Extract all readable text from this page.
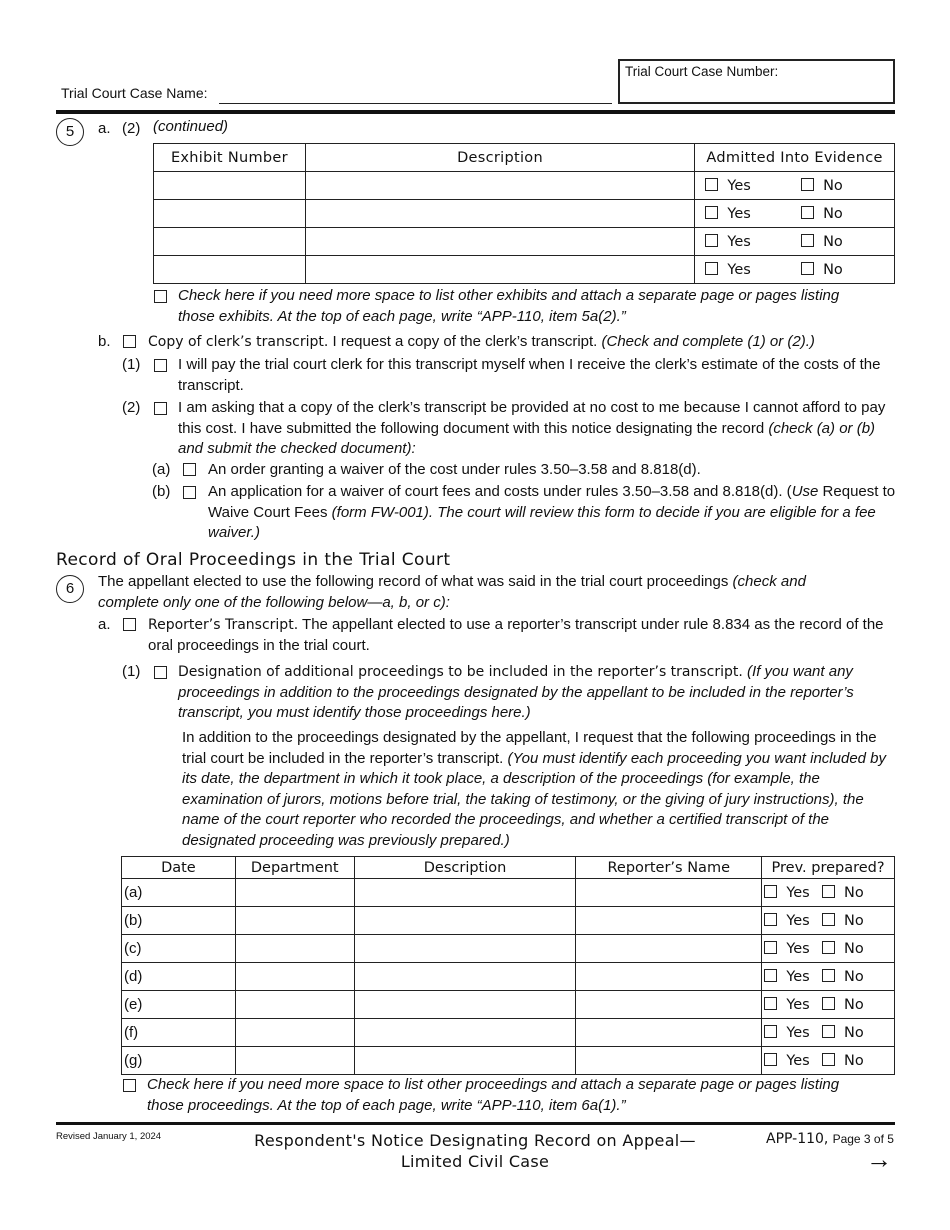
Trial Court Case Name:
Trial Court Case Number:
5	a. (2) (continued)
Exhibit Number	Description	Admitted Into Evidence
		Yes No
		Yes No
		Yes No
		Yes No
Check here if you need more space to list other exhibits and attach a separate page or pages listing those exhibits. At the top of each page, write “APP-110, item 5a(2).”
b.	Copy of clerk’s transcript. I request a copy of the clerk’s transcript. (Check and complete (1) or (2).)
(1)	I will pay the trial court clerk for this transcript myself when I receive the clerk’s estimate of the costs of the transcript.
(2)	I am asking that a copy of the clerk’s transcript be provided at no cost to me because I cannot afford to pay this cost. I have submitted the following document with this notice designating the record (check (a) or (b) and submit the checked document):
(a)	An order granting a waiver of the cost under rules 3.50–3.58 and 8.818(d).
(b)	An application for a waiver of court fees and costs under rules 3.50–3.58 and 8.818(d). (Use Request to Waive Court Fees (form FW-001). The court will review this form to decide if you are eligible for a fee waiver.)
Record of Oral Proceedings in the Trial Court
6	The appellant elected to use the following record of what was said in the trial court proceedings (check and complete only one of the following below—a, b, or c):
a.	Reporter’s Transcript. The appellant elected to use a reporter’s transcript under rule 8.834 as the record of the oral proceedings in the trial court.
(1)	Designation of additional proceedings to be included in the reporter’s transcript. (If you want any proceedings in addition to the proceedings designated by the appellant to be included in the reporter’s transcript, you must identify those proceedings here.)
In addition to the proceedings designated by the appellant, I request that the following proceedings in the trial court be included in the reporter’s transcript. (You must identify each proceeding you want included by its date, the department in which it took place, a description of the proceedings (for example, the examination of jurors, motions before trial, the taking of testimony, or the giving of jury instructions), the name of the court reporter who recorded the proceedings, and whether a certified transcript of the designated proceeding was previously prepared.)
Date	Department	Description	Reporter’s Name	Prev. prepared?
(a)				Yes No
(b)				Yes No
(c)				Yes No
(d)				Yes No
(e)				Yes No
(f)				Yes No
(g)				Yes No
Check here if you need more space to list other proceedings and attach a separate page or pages listing those proceedings. At the top of each page, write “APP-110, item 6a(1).”
Revised January 1, 2024	Respondent's Notice Designating Record on Appeal—
Limited Civil Case
APP-110, Page 3 of 5
→
